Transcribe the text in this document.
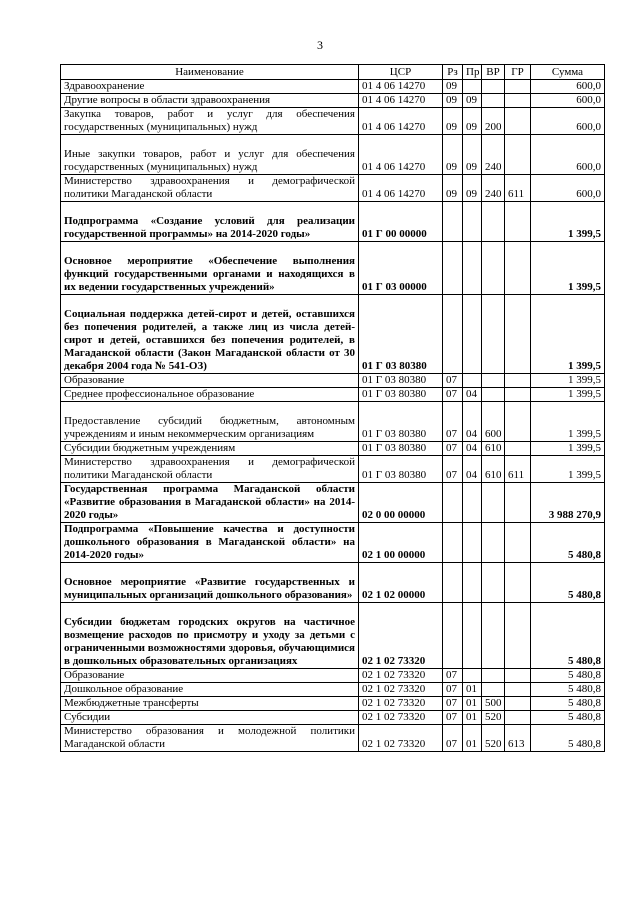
3
Наименование	ЦСР	Рз	Пр	ВР	ГР	Сумма
Здравоохранение	01 4 06 14270	09				600,0
Другие вопросы в области здравоохранения	01 4 06 14270	09	09			600,0
Закупка товаров, работ и услуг для обеспечения государственных (муниципальных) нужд	01 4 06 14270	09	09	200		600,0
Иные закупки товаров, работ и услуг для обеспечения государственных (муниципальных) нужд	01 4 06 14270	09	09	240		600,0
Министерство здравоохранения и демографической политики Магаданской области	01 4 06 14270	09	09	240	611	600,0
Подпрограмма «Создание условий для реализации государственной программы» на 2014-2020 годы»	01 Г 00 00000					1 399,5
Основное мероприятие «Обеспечение выполнения функций государственными органами и находящихся в их ведении государственных учреждений»	01 Г 03 00000					1 399,5
Социальная поддержка детей-сирот и детей, оставшихся без попечения родителей, а также лиц из числа детей-сирот и детей, оставшихся без попечения родителей, в Магаданской области (Закон Магаданской области от 30 декабря 2004 года № 541-ОЗ)	01 Г 03 80380					1 399,5
Образование	01 Г 03 80380	07				1 399,5
Среднее профессиональное образование	01 Г 03 80380	07	04			1 399,5
Предоставление субсидий бюджетным, автономным учреждениям и иным некоммерческим организациям	01 Г 03 80380	07	04	600		1 399,5
Субсидии бюджетным учреждениям	01 Г 03 80380	07	04	610		1 399,5
Министерство здравоохранения и демографической политики Магаданской области	01 Г 03 80380	07	04	610	611	1 399,5
Государственная программа Магаданской области «Развитие образования в Магаданской области» на 2014-2020 годы»	02 0 00 00000					3 988 270,9
Подпрограмма «Повышение качества и доступности дошкольного образования в Магаданской области» на 2014-2020 годы»	02 1 00 00000					5 480,8
Основное мероприятие «Развитие государственных и муниципальных организаций дошкольного образования»	02 1 02 00000					5 480,8
Субсидии бюджетам городских округов на частичное возмещение расходов по присмотру и уходу за детьми с ограниченными возможностями здоровья, обучающимися в дошкольных образовательных организациях	02 1 02 73320					5 480,8
Образование	02 1 02 73320	07				5 480,8
Дошкольное образование	02 1 02 73320	07	01			5 480,8
Межбюджетные трансферты	02 1 02 73320	07	01	500		5 480,8
Субсидии	02 1 02 73320	07	01	520		5 480,8
Министерство образования и молодежной политики Магаданской области	02 1 02 73320	07	01	520	613	5 480,8
